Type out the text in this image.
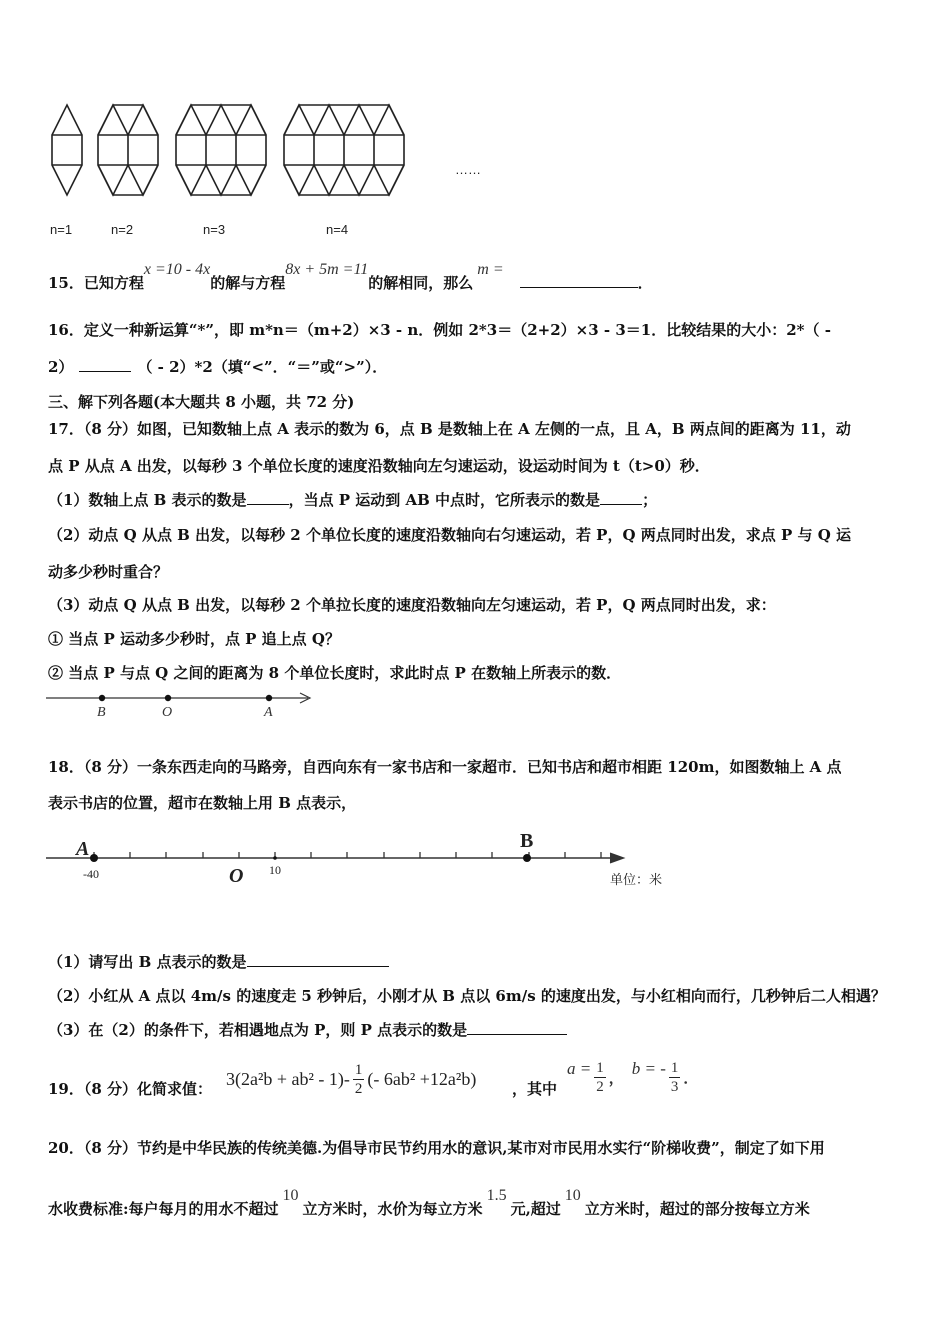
n=1	n=2	n=3	n=4
……
15．已知方程x =10 - 4x的解与方程8x + 5m =11的解相同，那么m =．
16．定义一种新运算“*”，即 m*n＝（m+2）×3 - n．例如 2*3＝（2+2）×3 - 3＝1．比较结果的大小：2*（ -
2）	（ - 2）*2（填“<”．“＝”或“>”）．
三、解下列各题(本大题共 8 小题，共 72 分)
17．（8 分）如图，已知数轴上点 A 表示的数为 6，点 B 是数轴上在 A 左侧的一点，且 A，B 两点间的距离为 11，动
点 P 从点 A 出发，以每秒 3 个单位长度的速度沿数轴向左匀速运动，设运动时间为 t（t>0）秒．
（1）数轴上点 B 表示的数是	，当点 P 运动到 AB 中点时，它所表示的数是	；
（2）动点 Q 从点 B 出发，以每秒 2 个单位长度的速度沿数轴向右匀速运动，若 P，Q 两点同时出发，求点 P 与 Q 运
动多少秒时重合？
（3）动点 Q 从点 B 出发，以每秒 2 个单拉长度的速度沿数轴向左匀速运动，若 P，Q 两点同时出发，求：
① 当点 P 运动多少秒时，点 P 追上点 Q？
② 当点 P 与点 Q 之间的距离为 8 个单位长度时，求此时点 P 在数轴上所表示的数．
B	O	A
18．（8 分）一条东西走向的马路旁，自西向东有一家书店和一家超市．已知书店和超市相距 120m，如图数轴上 A 点
表示书店的位置，超市在数轴上用 B 点表示，
A	B
O
-40	10
单位：米
（1）请写出 B 点表示的数是
（2）小红从 A 点以 4m/s 的速度走 5 秒钟后，小刚才从 B 点以 6m/s 的速度出发，与小红相向而行，几秒钟后二人相遇？
（3）在（2）的条件下，若相遇地点为 P，则 P 点表示的数是
19．（8 分）化简求值：
$3(2a^2b + ab^2 - 1)- \frac{1}{2}$ (- 6ab² +12a²b)
，其中
$a = \frac{1}{2}$ ，
b = - $\frac{1}{3}$ ．
20．（8 分）节约是中华民族的传统美德.为倡导市民节约用水的意识,某市对市民用水实行“阶梯收费”，制定了如下用
水收费标准:每户每月的用水不超过10立方米时，水价为每立方米1.5元,超过10立方米时，超过的部分按每立方米
